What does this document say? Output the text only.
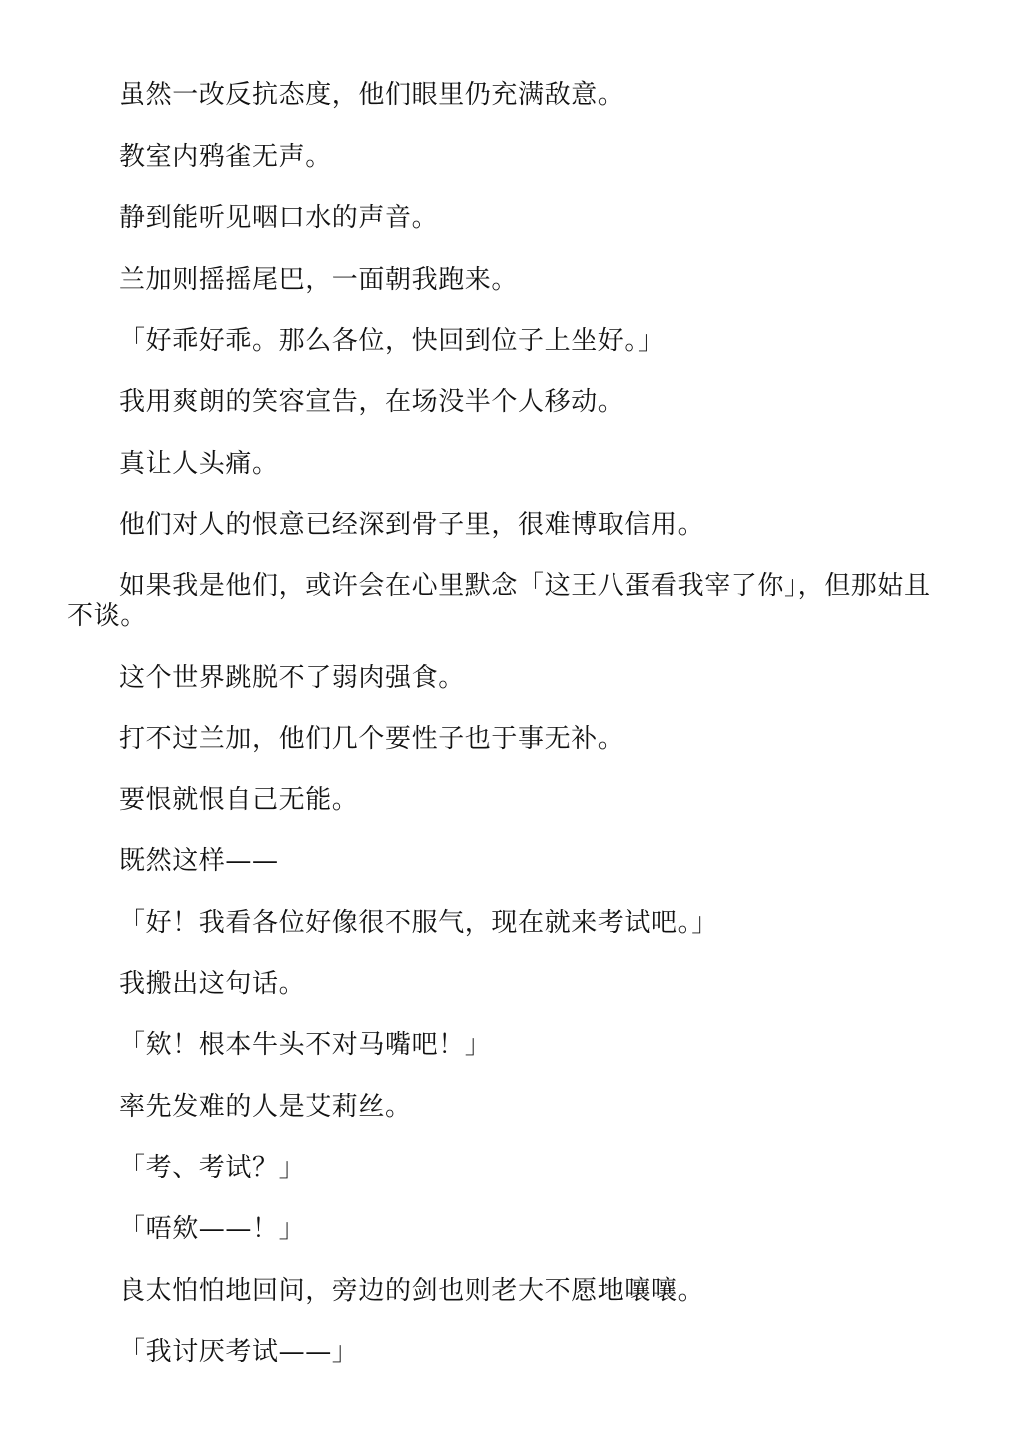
虽然一改反抗态度，他们眼里仍充满敌意。

教室内鸦雀无声。

静到能听见咽口水的声音。

兰加则摇摇尾巴，一面朝我跑来。

「好乖好乖。那么各位，快回到位子上坐好。」

我用爽朗的笑容宣告，在场没半个人移动。

真让人头痛。

他们对人的恨意已经深到骨子里，很难博取信用。

如果我是他们，或许会在心里默念「这王八蛋看我宰了你」，但那姑且不谈。

这个世界跳脱不了弱肉强食。

打不过兰加，他们几个要性子也于事无补。

要恨就恨自己无能。

既然这样——

「好！我看各位好像很不服气，现在就来考试吧。」

我搬出这句话。

「欸！根本牛头不对马嘴吧！」

率先发难的人是艾莉丝。

「考、考试？」

「唔欸——！」

良太怕怕地回问，旁边的剑也则老大不愿地嚷嚷。

「我讨厌考试——」
